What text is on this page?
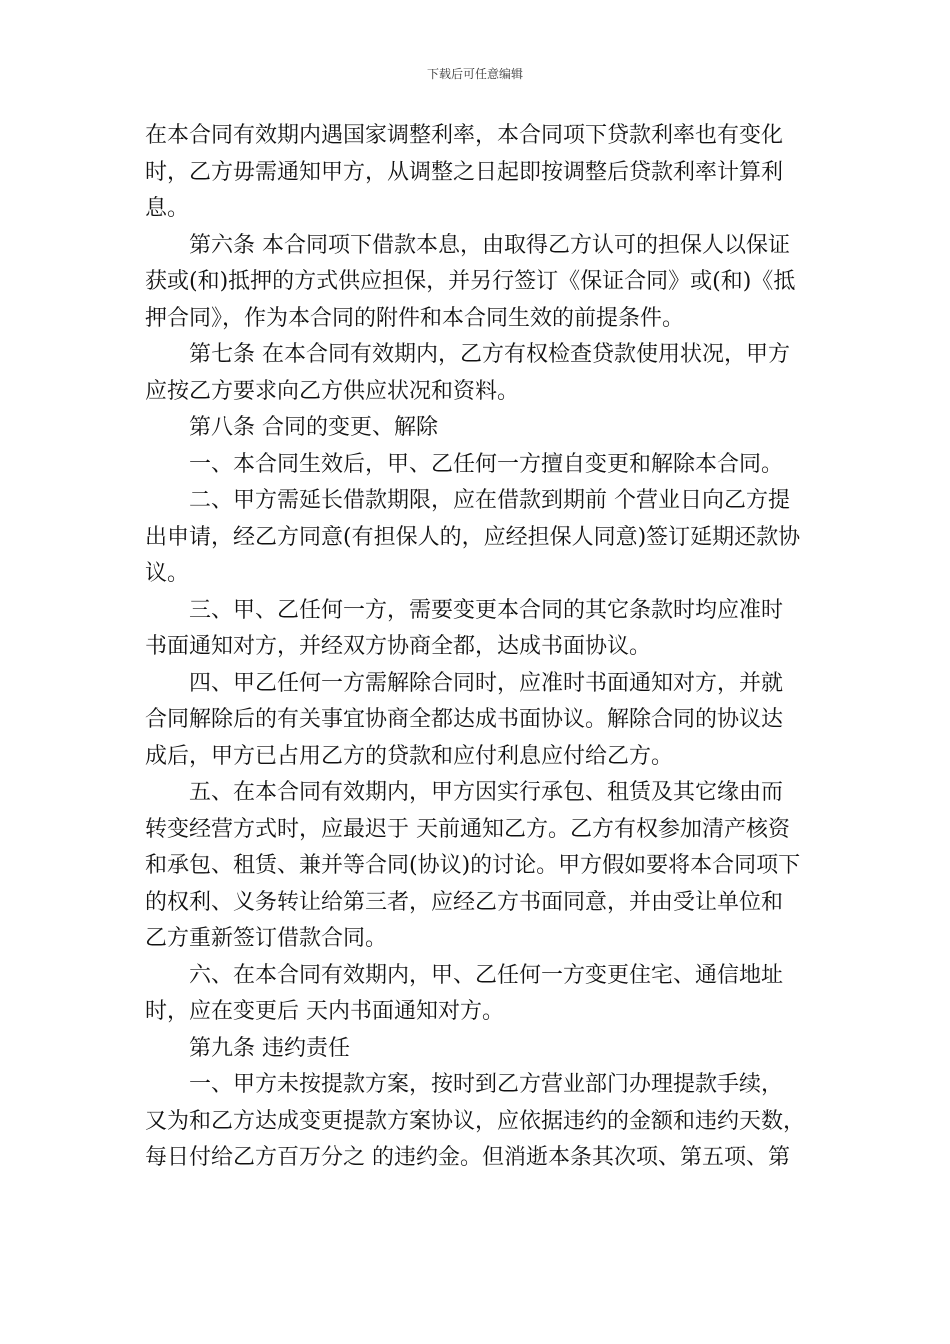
下载后可任意编辑
在本合同有效期内遇国家调整利率，本合同项下贷款利率也有变化
时，乙方毋需通知甲方，从调整之日起即按调整后贷款利率计算利
息。
第六条 本合同项下借款本息，由取得乙方认可的担保人以保证
获或(和)抵押的方式供应担保，并另行签订《保证合同》或(和)《抵
押合同》，作为本合同的附件和本合同生效的前提条件。
第七条 在本合同有效期内，乙方有权检查贷款使用状况，甲方
应按乙方要求向乙方供应状况和资料。
第八条 合同的变更、解除
一、本合同生效后，甲、乙任何一方擅自变更和解除本合同。
二、甲方需延长借款期限，应在借款到期前 个营业日向乙方提
出申请，经乙方同意(有担保人的，应经担保人同意)签订延期还款协
议。
三、甲、乙任何一方，需要变更本合同的其它条款时均应准时
书面通知对方，并经双方协商全都，达成书面协议。
四、甲乙任何一方需解除合同时，应准时书面通知对方，并就
合同解除后的有关事宜协商全都达成书面协议。解除合同的协议达
成后，甲方已占用乙方的贷款和应付利息应付给乙方。
五、在本合同有效期内，甲方因实行承包、租赁及其它缘由而
转变经营方式时，应最迟于 天前通知乙方。乙方有权参加清产核资
和承包、租赁、兼并等合同(协议)的讨论。甲方假如要将本合同项下
的权利、义务转让给第三者，应经乙方书面同意，并由受让单位和
乙方重新签订借款合同。
六、在本合同有效期内，甲、乙任何一方变更住宅、通信地址
时，应在变更后 天内书面通知对方。
第九条 违约责任
一、甲方未按提款方案，按时到乙方营业部门办理提款手续，
又为和乙方达成变更提款方案协议，应依据违约的金额和违约天数，
每日付给乙方百万分之 的违约金。但消逝本条其次项、第五项、第
